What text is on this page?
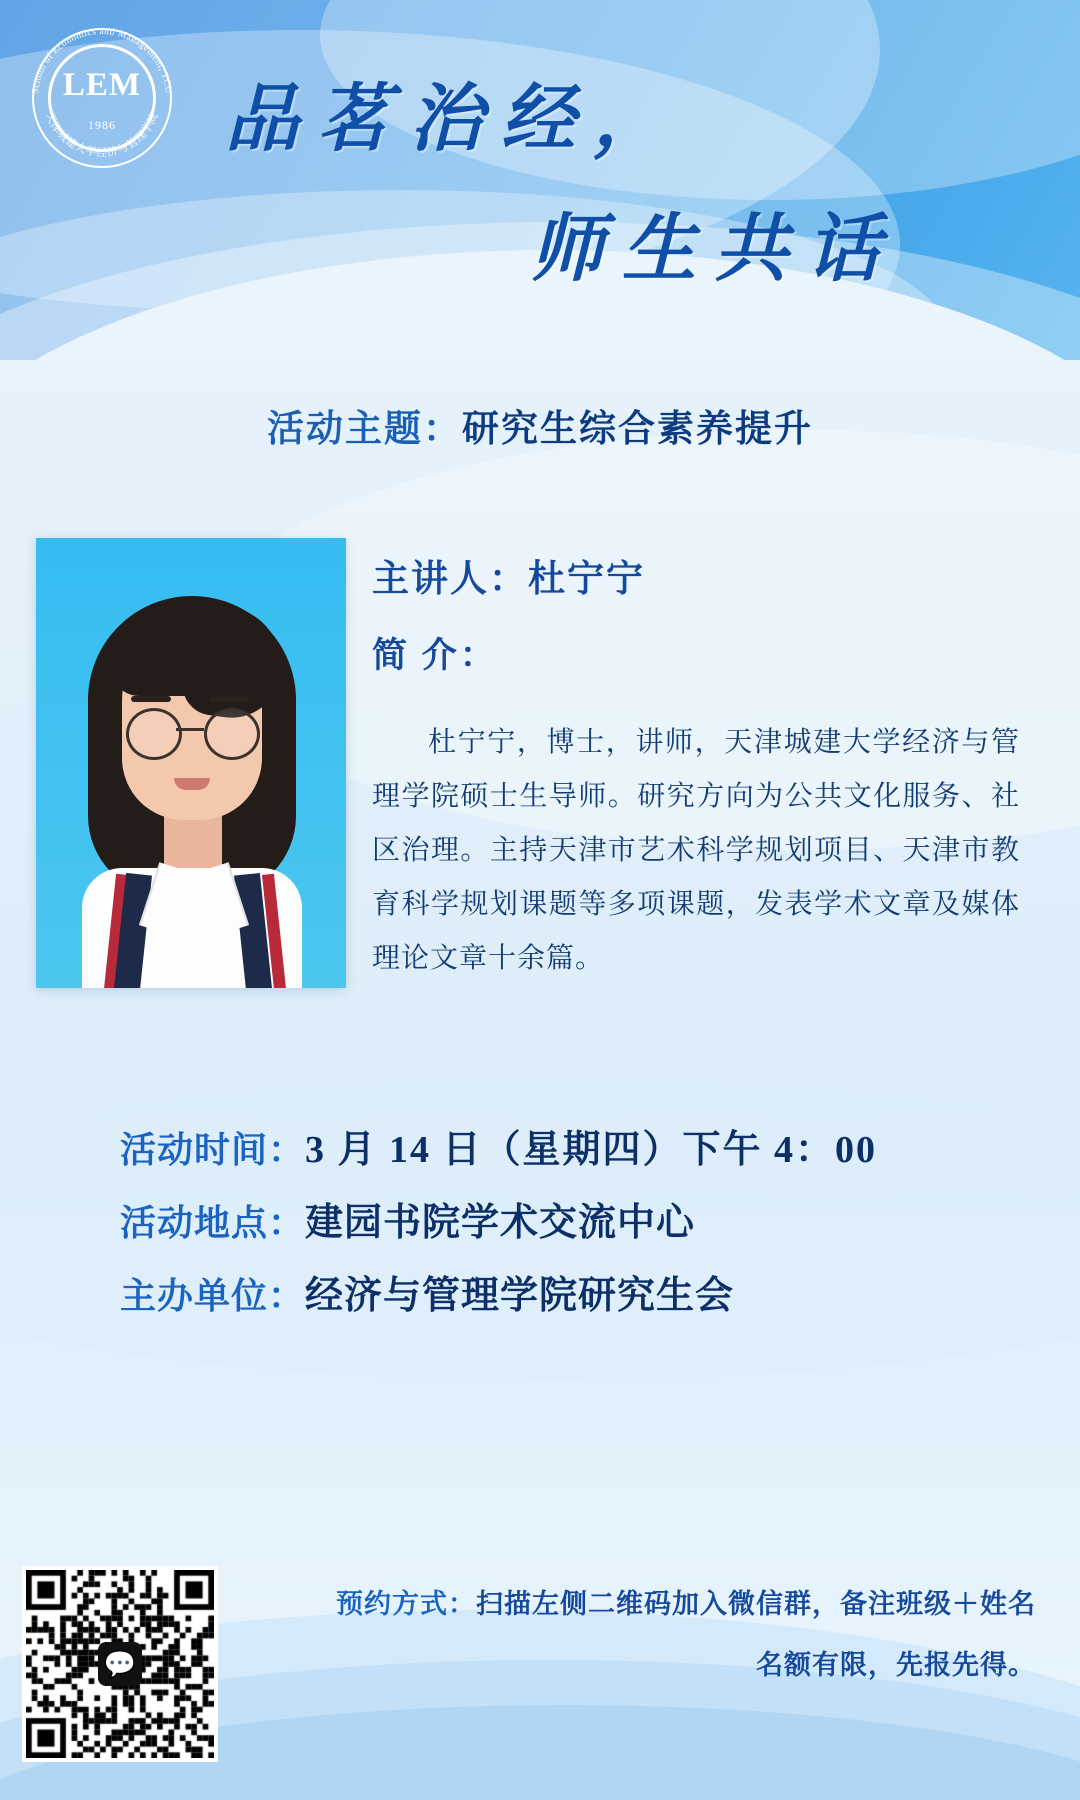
LEM
1986
School of Economics and Management, TCU
天津城建大学经济与管理学院 品茗治经，
师生共话
活动主题：研究生综合素养提升
主讲人：杜宁宁
简 介：
杜宁宁，博士，讲师，天津城建大学经济与管理学院硕士生导师。研究方向为公共文化服务、社区治理。主持天津市艺术科学规划项目、天津市教育科学规划课题等多项课题，发表学术文章及媒体理论文章十余篇。
活动时间： 3 月 14 日（星期四）下午 4：00
活动地点： 建园书院学术交流中心
主办单位： 经济与管理学院研究生会
💬
预约方式：扫描左侧二维码加入微信群，备注班级＋姓名
名额有限，先报先得。
